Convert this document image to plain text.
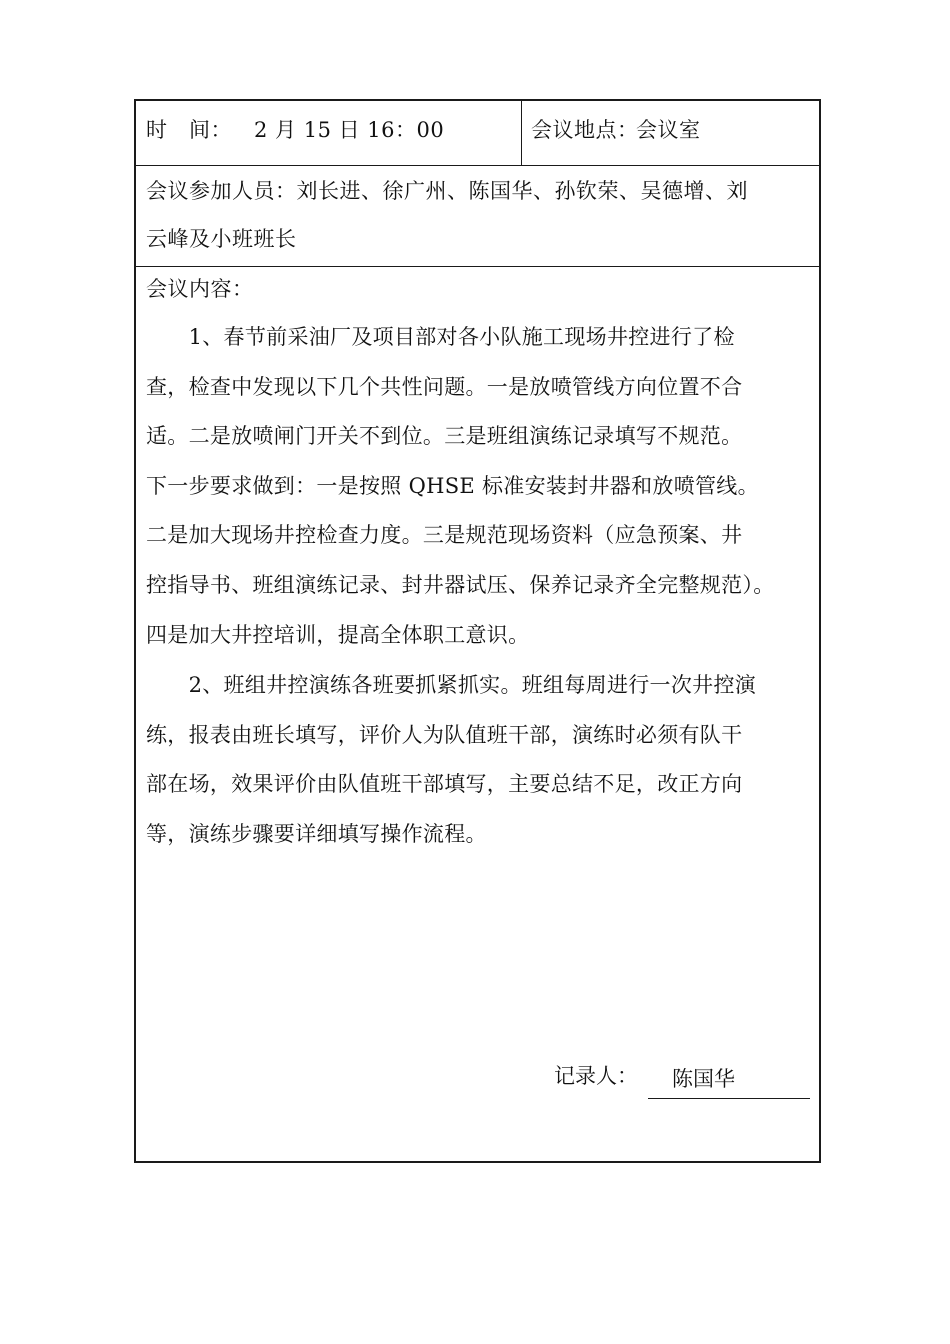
时　间： 2 月 15 日 16：00	会议地点：
会议室
会议参加人员：刘长进、徐广州、陈国华、孙钦荣、吴德增、刘
云峰及小班班长
会议内容：
　　1、春节前采油厂及项目部对各小队施工现场井控进行了检
查，检查中发现以下几个共性问题。一是放喷管线方向位置不合
适。二是放喷闸门开关不到位。三是班组演练记录填写不规范。
下一步要求做到：一是按照 QHSE 标准安装封井器和放喷管线。
二是加大现场井控检查力度。三是规范现场资料（应急预案、井
控指导书、班组演练记录、封井器试压、保养记录齐全完整规范）。
四是加大井控培训，提高全体职工意识。
　　2、班组井控演练各班要抓紧抓实。班组每周进行一次井控演
练，报表由班长填写，评价人为队值班干部，演练时必须有队干
部在场，效果评价由队值班干部填写，主要总结不足，改正方向
等，演练步骤要详细填写操作流程。
记录人： 陈国华
